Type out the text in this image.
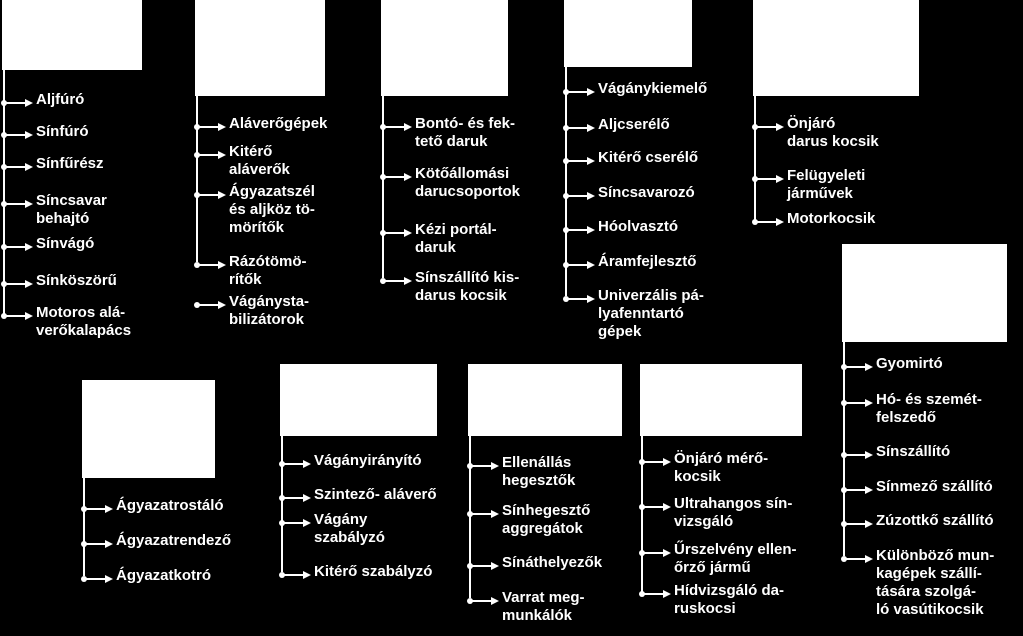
Aljfúró
Sínfúró
Sínfűrész
Síncsavar
behajtó
Sínvágó
Sínköszörű
Motoros alá-
verőkalapács
Aláverőgépek
Kitérő
aláverők
Ágyazatszél
és aljköz tö-
mörítők
Rázótömö-
rítők
Vágánysta-
bilizátorok
Bontó- és fek-
tető daruk
Kötőállomási
darucsoportok
Kézi portál-
daruk
Sínszállító kis-
darus kocsik
Vágánykiemelő
Aljcserélő
Kitérő cserélő
Síncsavarozó
Hóolvasztó
Áramfejlesztő
Univerzális pá-
lyafenntartó
gépek
Önjáró
darus kocsik
Felügyeleti
járművek
Motorkocsik
Gyomirtó
Hó- és szemét-
felszedő
Sínszállító
Sínmező szállító
Zúzottkő szállító
Különböző mun-
kagépek szállí-
tására szolgá-
ló vasútikocsik
Ágyazatrostáló
Ágyazatrendező
Ágyazatkotró
Vágányirányító
Szintező- aláverő
Vágány
szabályzó
Kitérő szabályzó
Ellenállás
hegesztők
Sínhegesztő
aggregátok
Sínáthelyezők
Varrat meg-
munkálók
Önjáró mérő-
kocsik
Ultrahangos sín-
vizsgáló
Űrszelvény ellen-
őrző jármű
Hídvizsgáló da-
ruskocsi
